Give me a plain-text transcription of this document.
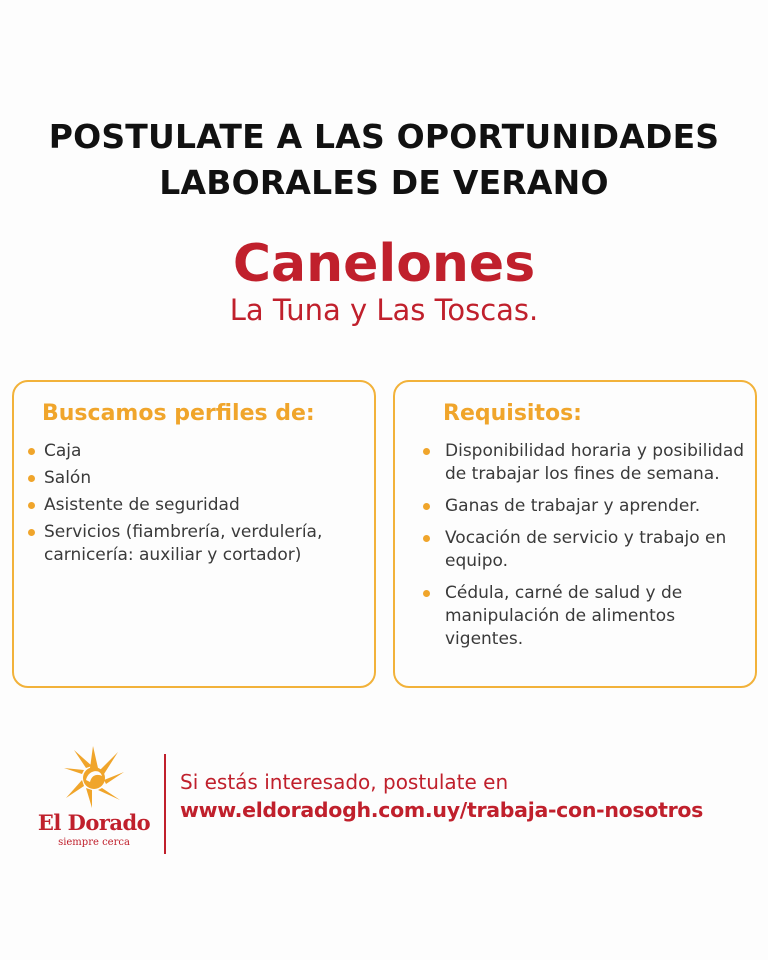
POSTULATE A LAS OPORTUNIDADES
LABORALES DE VERANO
Canelones
La Tuna y Las Toscas.
Buscamos perfiles de:
Caja
Salón
Asistente de seguridad
Servicios (fiambrería, verdulería, carnicería: auxiliar y cortador)
Requisitos:
Disponibilidad horaria y posibilidad de trabajar los fines de semana.
Ganas de trabajar y aprender.
Vocación de servicio y trabajo en equipo.
Cédula, carné de salud y de manipulación de alimentos vigentes.
El Dorado
siempre cerca
Si estás interesado, postulate en
www.eldoradogh.com.uy/trabaja-con-nosotros
